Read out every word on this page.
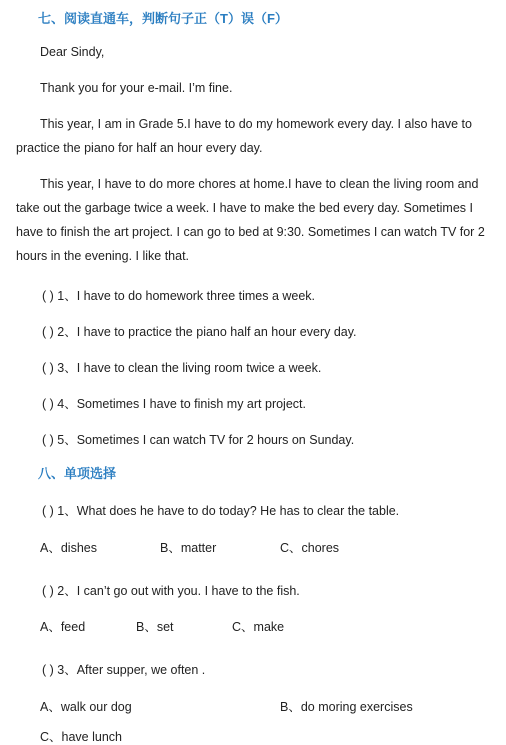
七、阅读直通车，判断句子正（T）误（F）
Dear Sindy,
Thank you for your e-mail. I’m fine.
This year, I am in Grade 5.I have to do my homework every day. I also have to practice the piano for half an hour every day.
This year, I have to do more chores at home.I have to clean the living room and take out the garbage twice a week. I have to make the bed every day. Sometimes I have to finish the art project. I can go to bed at 9:30. Sometimes I can watch TV for 2 hours in the evening. I like that.
( ) 1、I have to do homework three times a week.
( ) 2、I have to practice the piano half an hour every day.
( ) 3、I have to clean the living room twice a week.
( ) 4、Sometimes I have to finish my art project.
( ) 5、Sometimes I can watch TV for 2 hours on Sunday.
八、单项选择
( ) 1、What does he have to do today? He has to clear the table.
A、dishes	B、matter	C、chores
( ) 2、I can’t go out with you. I have to the fish.
A、feed	B、set	C、make
( ) 3、After supper, we often .
A、walk our dog	B、do moring exercises
C、have lunch
